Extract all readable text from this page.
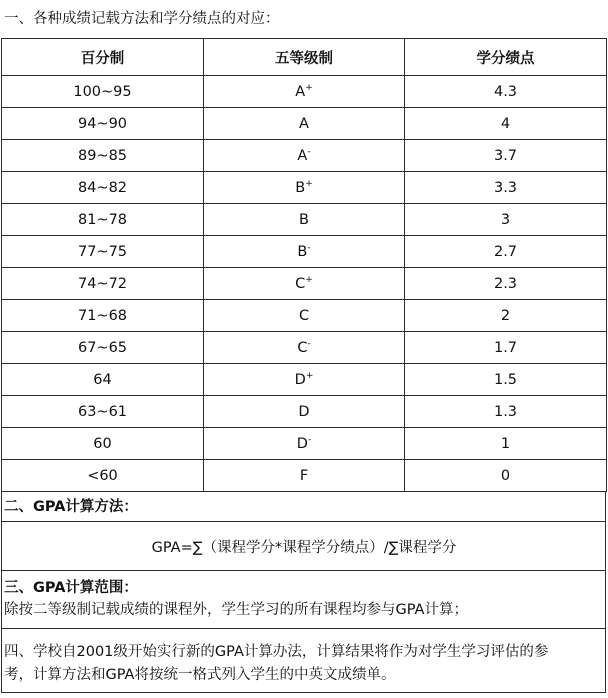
一、各种成绩记载方法和学分绩点的对应：
百分制	五等级制	学分绩点
100~95	A+	4.3
94~90	A	4
89~85	A-	3.7
84~82	B+	3.3
81~78	B	3
77~75	B-	2.7
74~72	C+	2.3
71~68	C	2
67~65	C-	1.7
64	D+	1.5
63~61	D	1.3
60	D-	1
<60	F	0
二、GPA计算方法：
GPA=∑（课程学分*课程学分绩点）/∑课程学分
三、GPA计算范围：
除按二等级制记载成绩的课程外，学生学习的所有课程均参与GPA计算；
四、学校自2001级开始实行新的GPA计算办法，计算结果将作为对学生学习评估的参
考，计算方法和GPA将按统一格式列入学生的中英文成绩单。
